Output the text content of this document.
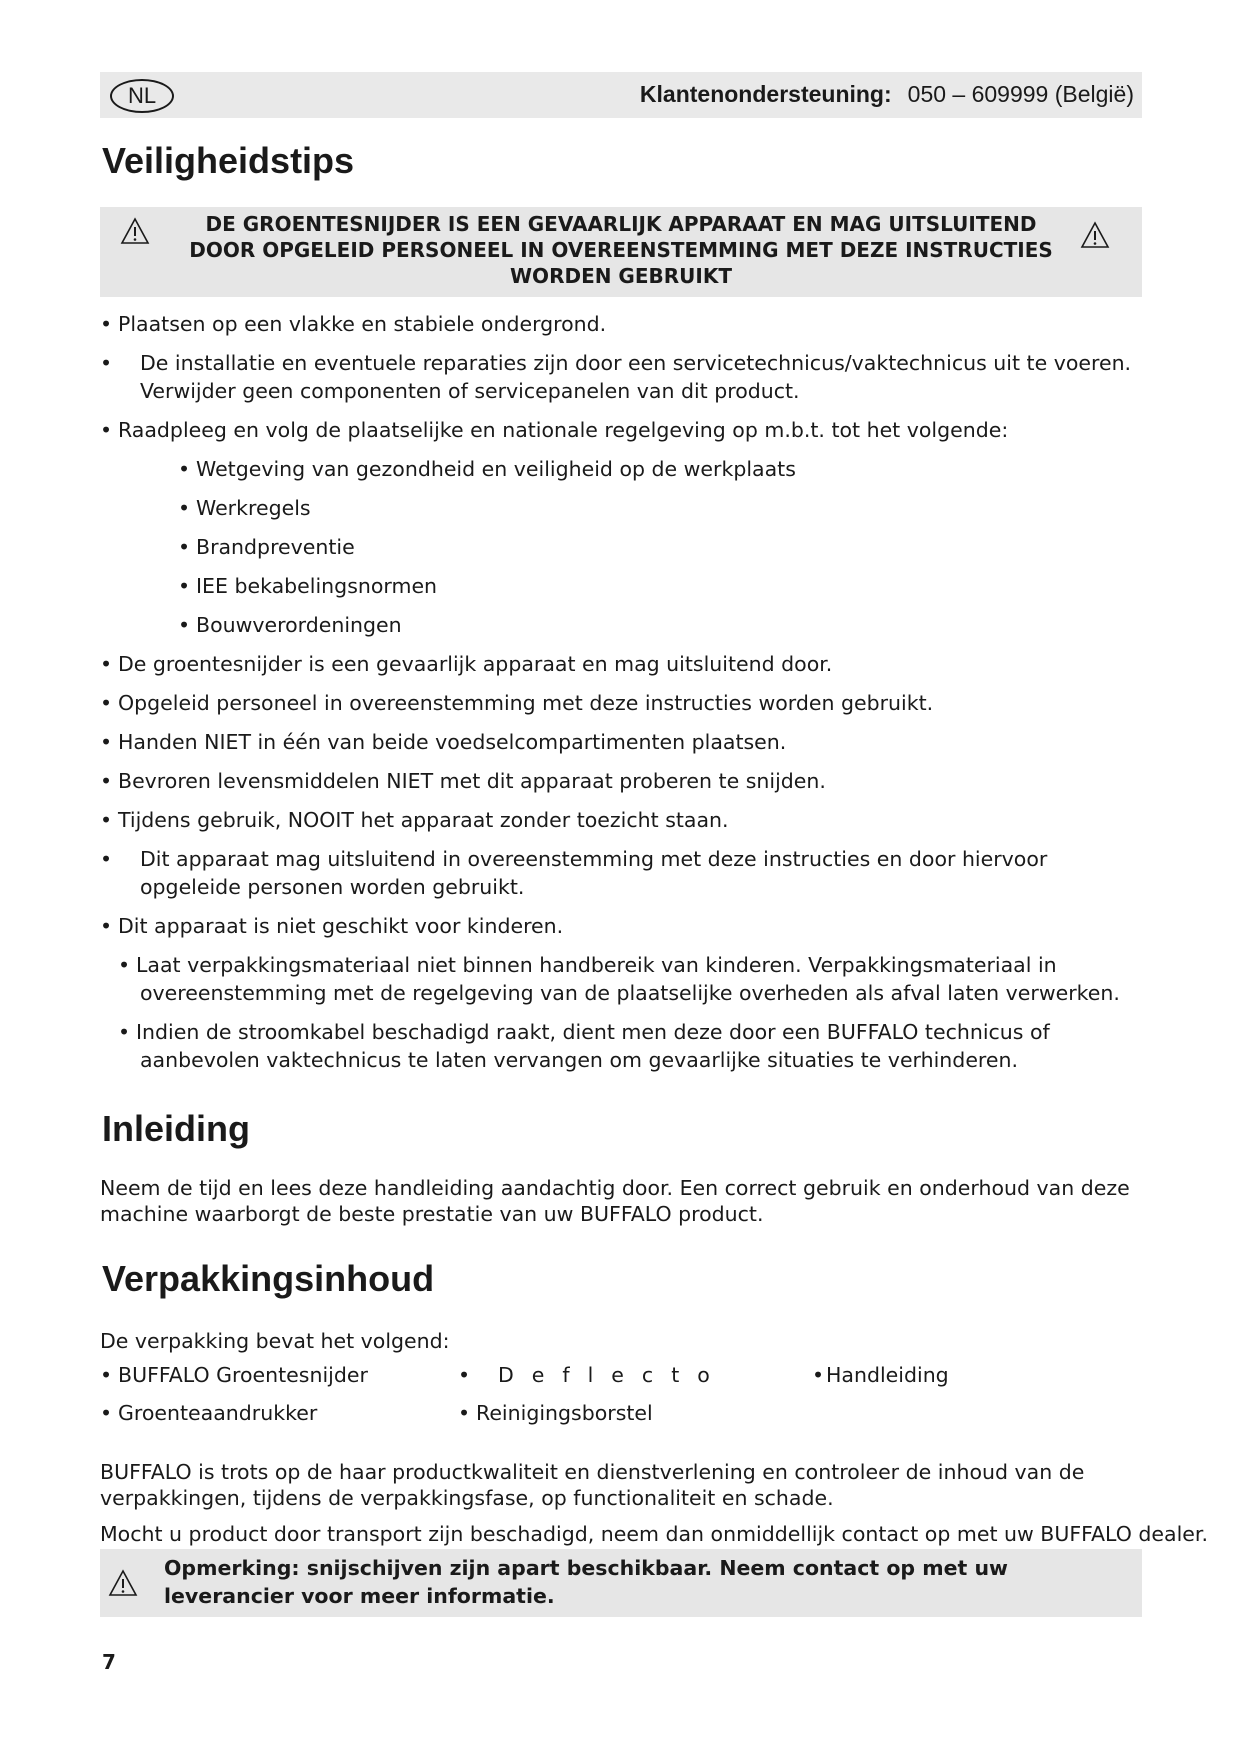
NL	Klantenondersteuning: 050 – 609999 (België)
Veiligheidstips
DE GROENTESNIJDER IS EEN GEVAARLIJK APPARAAT EN MAG UITSLUITEND DOOR OPGELEID PERSONEEL IN OVEREENSTEMMING MET DEZE INSTRUCTIES WORDEN GEBRUIKT
• Plaatsen op een vlakke en stabiele ondergrond.
• De installatie en eventuele reparaties zijn door een servicetechnicus/vaktechnicus uit te voeren. Verwijder geen componenten of servicepanelen van dit product.
• Raadpleeg en volg de plaatselijke en nationale regelgeving op m.b.t. tot het volgende:
• Wetgeving van gezondheid en veiligheid op de werkplaats
• Werkregels
• Brandpreventie
• IEE bekabelingsnormen
• Bouwverordeningen
• De groentesnijder is een gevaarlijk apparaat en mag uitsluitend door.
• Opgeleid personeel in overeenstemming met deze instructies worden gebruikt.
• Handen NIET in één van beide voedselcompartimenten plaatsen.
• Bevroren levensmiddelen NIET met dit apparaat proberen te snijden.
• Tijdens gebruik, NOOIT het apparaat zonder toezicht staan.
• Dit apparaat mag uitsluitend in overeenstemming met deze instructies en door hiervoor opgeleide personen worden gebruikt.
• Dit apparaat is niet geschikt voor kinderen.
• Laat verpakkingsmateriaal niet binnen handbereik van kinderen. Verpakkingsmateriaal in overeenstemming met de regelgeving van de plaatselijke overheden als afval laten verwerken.
• Indien de stroomkabel beschadigd raakt, dient men deze door een BUFFALO technicus of aanbevolen vaktechnicus te laten vervangen om gevaarlijke situaties te verhinderen.
Inleiding
Neem de tijd en lees deze handleiding aandachtig door. Een correct gebruik en onderhoud van deze machine waarborgt de beste prestatie van uw BUFFALO product.
Verpakkingsinhoud
De verpakking bevat het volgend:
• BUFFALO Groentesnijder
• Groenteaandrukker
• Deflecto
• Reinigingsborstel
• Handleiding
BUFFALO is trots op de haar productkwaliteit en dienstverlening en controleer de inhoud van de verpakkingen, tijdens de verpakkingsfase, op functionaliteit en schade.
Mocht u product door transport zijn beschadigd, neem dan onmiddellijk contact op met uw BUFFALO dealer.
Opmerking: snijschijven zijn apart beschikbaar. Neem contact op met uw leverancier voor meer informatie.
7
